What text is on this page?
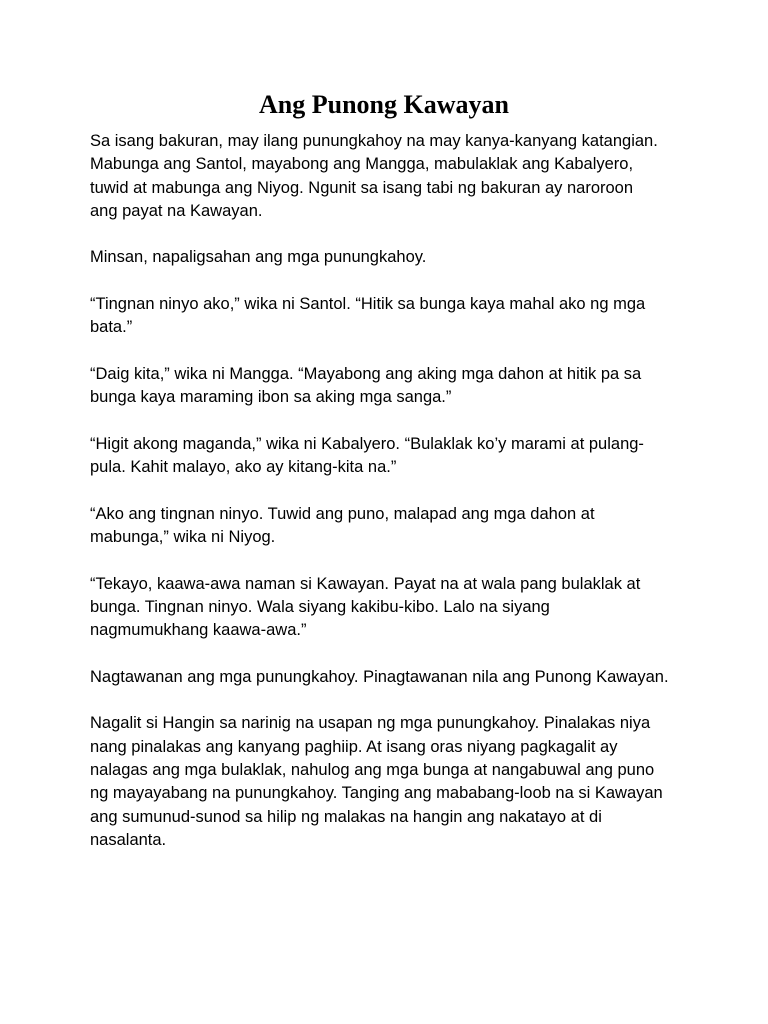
Ang Punong Kawayan

Sa isang bakuran, may ilang punungkahoy na may kanya-kanyang katangian.
Mabunga ang Santol, mayabong ang Mangga, mabulaklak ang Kabalyero,
tuwid at mabunga ang Niyog. Ngunit sa isang tabi ng bakuran ay naroroon
ang payat na Kawayan.

Minsan, napaligsahan ang mga punungkahoy.

“Tingnan ninyo ako,” wika ni Santol. “Hitik sa bunga kaya mahal ako ng mga
bata.”

“Daig kita,” wika ni Mangga. “Mayabong ang aking mga dahon at hitik pa sa
bunga kaya maraming ibon sa aking mga sanga.”

“Higit akong maganda,” wika ni Kabalyero. “Bulaklak ko’y marami at pulang-
pula. Kahit malayo, ako ay kitang-kita na.”

“Ako ang tingnan ninyo. Tuwid ang puno, malapad ang mga dahon at
mabunga,” wika ni Niyog.

“Tekayo, kaawa-awa naman si Kawayan. Payat na at wala pang bulaklak at
bunga. Tingnan ninyo. Wala siyang kakibu-kibo. Lalo na siyang
nagmumukhang kaawa-awa.”

Nagtawanan ang mga punungkahoy. Pinagtawanan nila ang Punong Kawayan.

Nagalit si Hangin sa narinig na usapan ng mga punungkahoy. Pinalakas niya
nang pinalakas ang kanyang paghiip. At isang oras niyang pagkagalit ay
nalagas ang mga bulaklak, nahulog ang mga bunga at nangabuwal ang puno
ng mayayabang na punungkahoy. Tanging ang mababang-loob na si Kawayan
ang sumunud-sunod sa hilip ng malakas na hangin ang nakatayo at di
nasalanta.
